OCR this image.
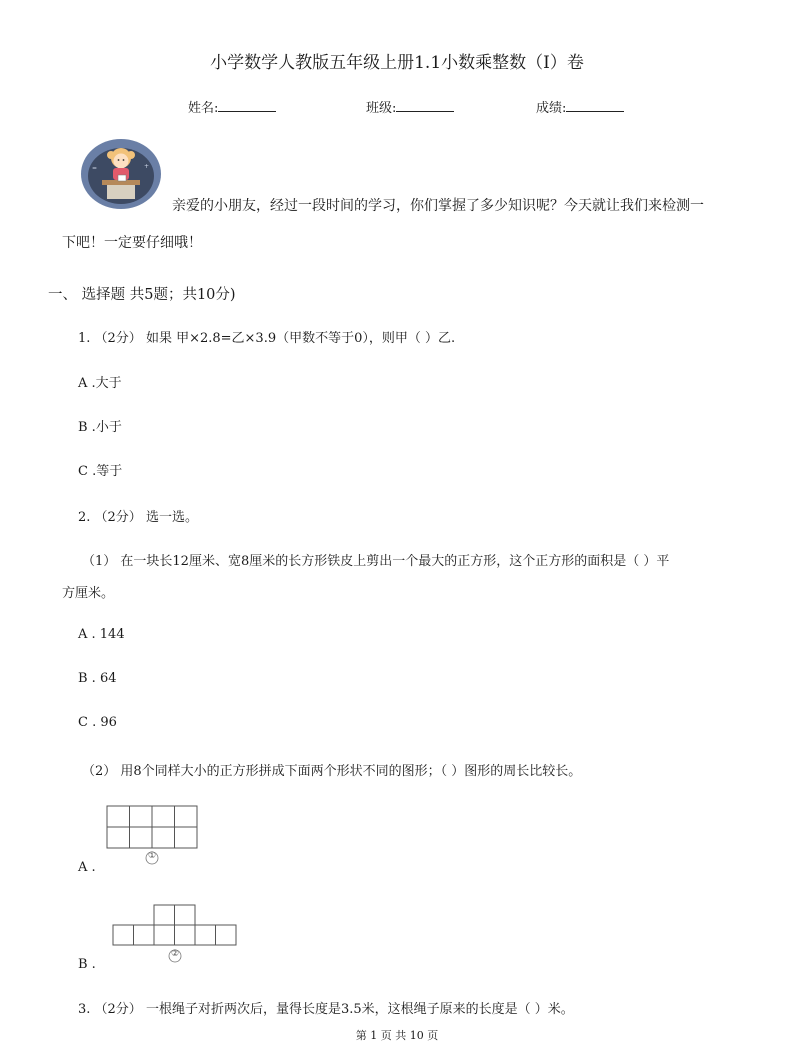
小学数学人教版五年级上册1.1小数乘整数（I）卷
姓名:	班级:	成绩:
+
=
亲爱的小朋友，经过一段时间的学习，你们掌握了多少知识呢？今天就让我们来检测一
下吧！一定要仔细哦！
一、 选择题 共5题；共10分)
1. （2分） 如果 甲×2.8=乙×3.9（甲数不等于0），则甲（ ）乙.
A .大于
B .小于
C .等于
2. （2分） 选一选。
（1） 在一块长12厘米、宽8厘米的长方形铁皮上剪出一个最大的正方形，这个正方形的面积是（ ）平
方厘米。
A . 144
B . 64
C . 96
（2） 用8个同样大小的正方形拼成下面两个形状不同的图形；（ ）图形的周长比较长。
①
A .
②
B .
3. （2分） 一根绳子对折两次后，量得长度是3.5米，这根绳子原来的长度是（ ）米。
第 1 页 共 10 页
